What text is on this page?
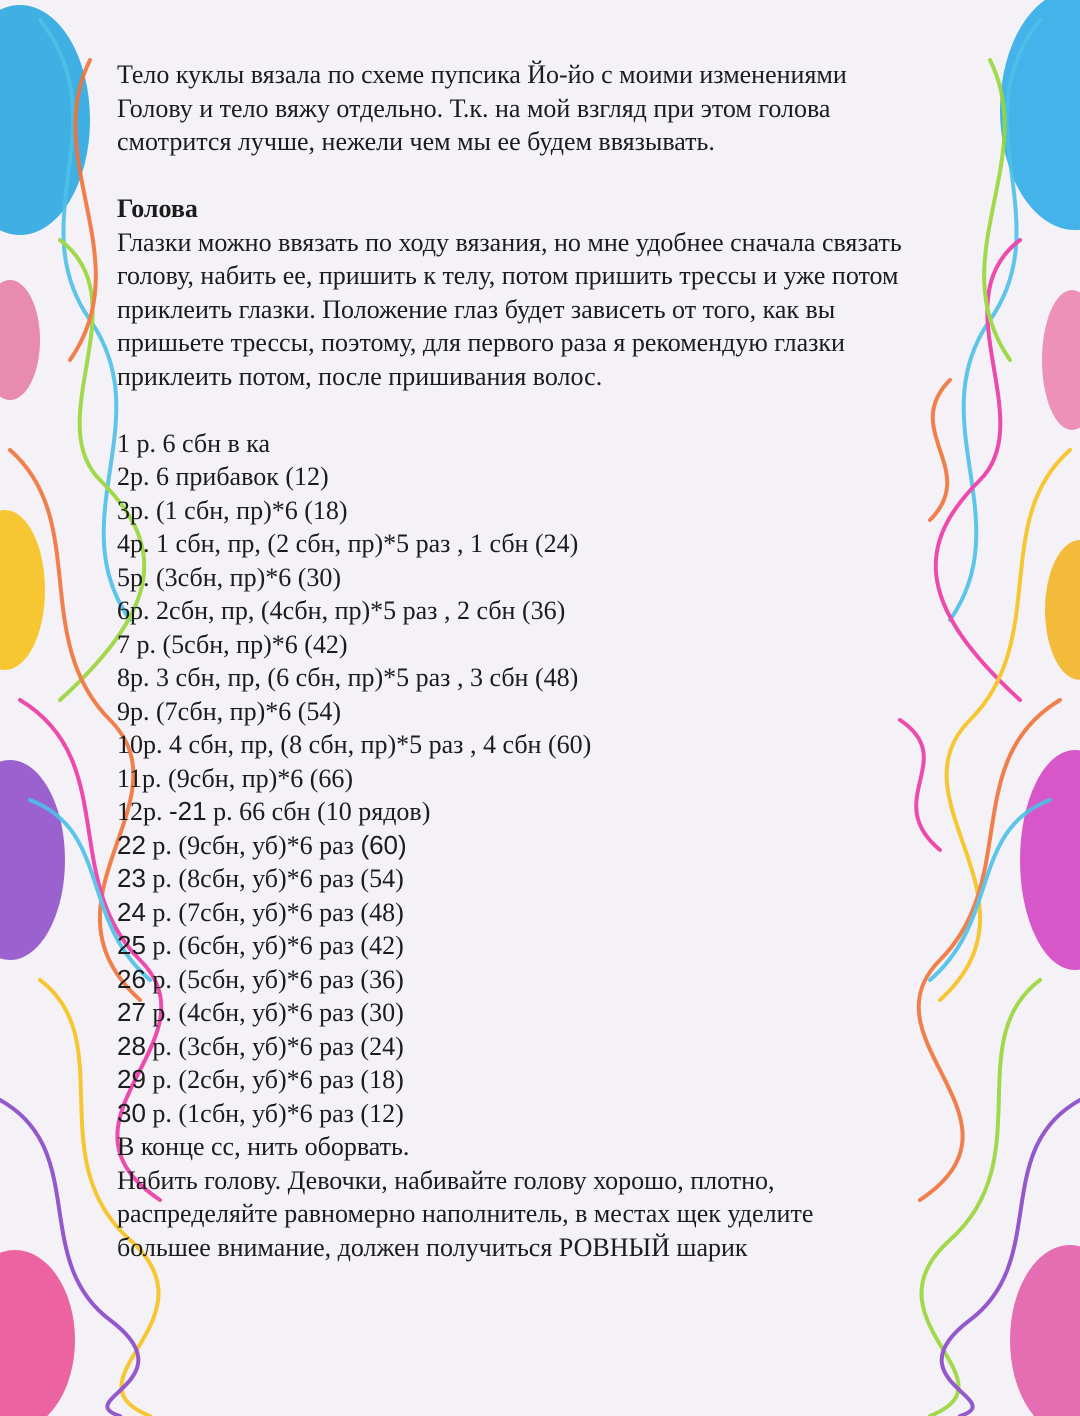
Тело куклы вязала по схеме пупсика Йо-йо с моими изменениями

Голову и тело вяжу отдельно. Т.к. на мой взгляд при этом голова

смотрится лучше, нежели чем мы ее будем ввязывать.

Голова

Глазки можно ввязать по ходу вязания, но мне удобнее сначала связать

голову, набить ее, пришить к телу, потом пришить трессы и уже потом

приклеить глазки. Положение глаз будет зависеть от того, как вы

пришьете трессы, поэтому, для первого раза я рекомендую глазки

приклеить потом, после пришивания волос.

1 р. 6 сбн в ка

2р. 6 прибавок (12)

3р. (1 сбн, пр)*6 (18)

4р. 1 сбн, пр, (2 сбн, пр)*5 раз , 1 сбн (24)

5р. (3сбн, пр)*6 (30)

6р. 2сбн, пр, (4сбн, пр)*5 раз , 2 сбн (36)

7 р. (5сбн, пр)*6 (42)

8р. 3 сбн, пр, (6 сбн, пр)*5 раз , 3 сбн (48)

9р. (7сбн, пр)*6 (54)

10р. 4 сбн, пр, (8 сбн, пр)*5 раз , 4 сбн (60)

11р. (9сбн, пр)*6 (66)

12р. -21 р. 66 сбн (10 рядов)

22 р. (9сбн, уб)*6 раз (60)

23 р. (8сбн, уб)*6 раз (54)

24 р. (7сбн, уб)*6 раз (48)

25 р. (6сбн, уб)*6 раз (42)

26 р. (5сбн, уб)*6 раз (36)

27 р. (4сбн, уб)*6 раз (30)

28 р. (3сбн, уб)*6 раз (24)

29 р. (2сбн, уб)*6 раз (18)

30 р. (1сбн, уб)*6 раз (12)

В конце сс, нить оборвать.

Набить голову. Девочки, набивайте голову хорошо, плотно,

распределяйте равномерно наполнитель, в местах щек уделите

большее внимание, должен получиться РОВНЫЙ шарик
